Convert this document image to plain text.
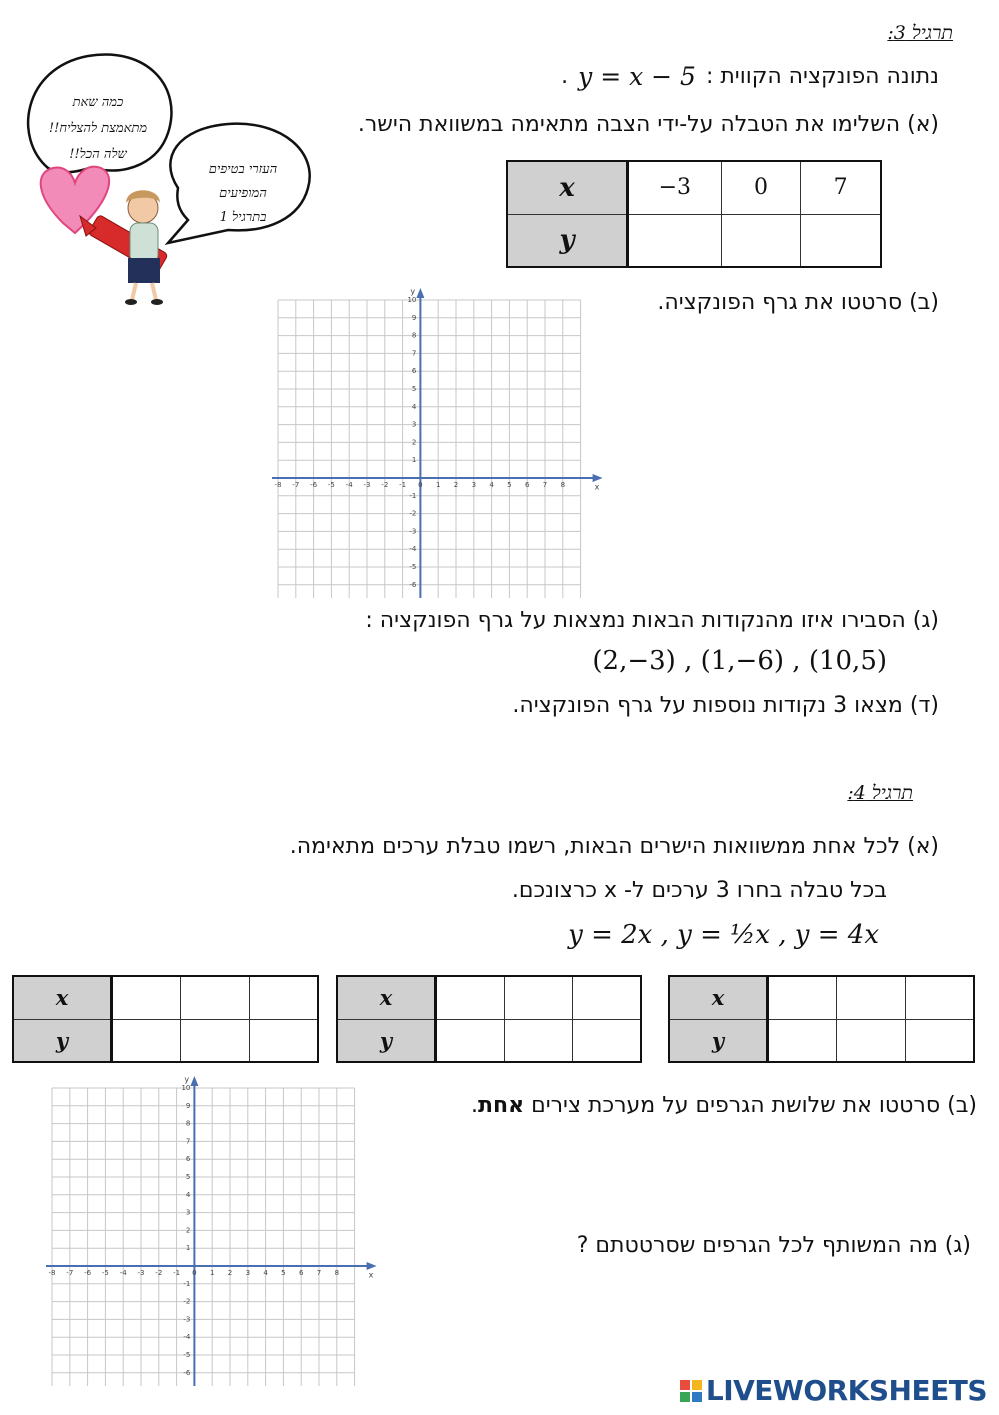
תרגיל 3:
נתונה הפונקציה הקווית :
y = x − 5
.
(א) השלימו את הטבלה על-ידי הצבה מתאימה במשוואת הישר.
x	−3	0	7
y			
כמה שאת
מתאמצת להצליח!!
שלה הכל!!
העזרי בטיפים
המופיעים
בתרגיל 1
(ב) סרטטו את גרף הפונקציה.
-8 -7 -6 -5 -4 -3 -2 -1 0 1 2 3 4 5 6 7 8
10
9
8
7
6
5
4
3
2
1
-1
-2
-3
-4
-5
-6
x
y
(ג) הסבירו איזו מהנקודות הבאות נמצאות על גרף הפונקציה :
(2,−3) , (1,−6) , (10,5)
(ד) מצאו 3 נקודות נוספות על גרף הפונקציה.
תרגיל 4:
(א) לכל אחת ממשוואות הישרים הבאות, רשמו טבלת ערכים מתאימה.
בכל טבלה בחרו 3 ערכים ל- x כרצונכם.
y = 2x , y = ½x , y = 4x
x			
y			
x			
y			
x			
y			
(ב) סרטטו את שלושת הגרפים על מערכת צירים אחת.
-8 -7 -6 -5 -4 -3 -2 -1 0 1 2 3 4 5 6 7 8
10
9
8
7
6
5
4
3
2
1
-1
-2
-3
-4
-5
-6
x
y
(ג) מה המשותף לכל הגרפים שסרטטתם ?
LIVEWORKSHEETS
